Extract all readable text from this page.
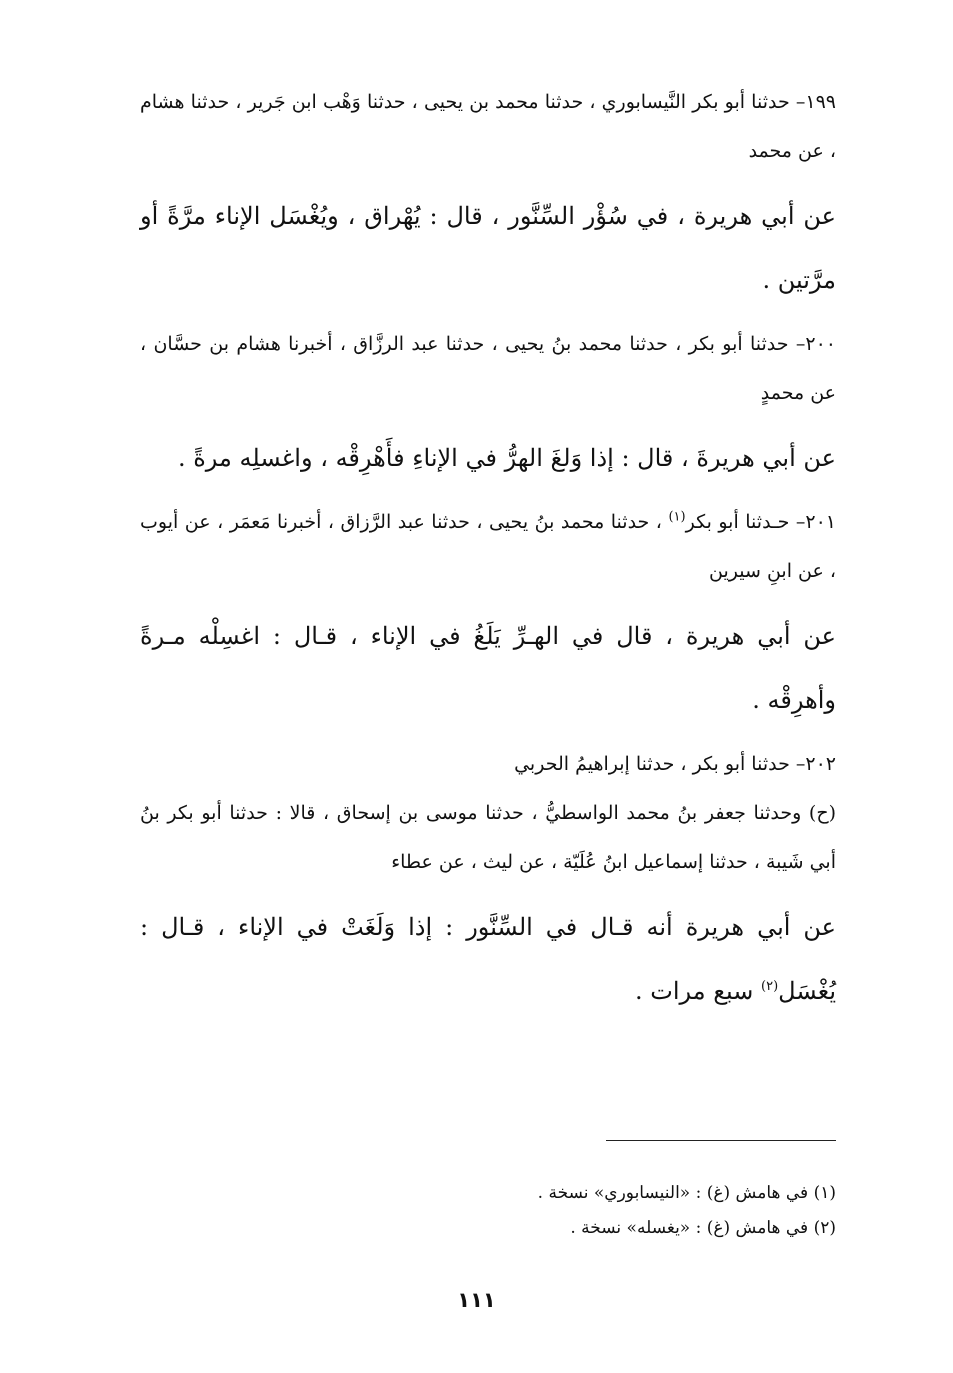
١٩٩– حدثنا أبو بكر النَّيسابوري ، حدثنا محمد بن يحيى ، حدثنا وَهْب ابن جَرير ، حدثنا هشام ، عن محمد

عن أبي هريرة ، في سُؤْر السِّنَّور ، قال : يُهْراق ، ويُغْسَل الإناء مرَّةً أو مرَّتين .

٢٠٠– حدثنا أبو بكر ، حدثنا محمد بنُ يحيى ، حدثنا عبد الرزَّاق ، أخبرنا هشام بن حسَّان ، عن محمدٍ

عن أبي هريرةَ ، قال : إذا وَلغَ الهرُّ في الإناءِ فأَهْرِقْه ، واغسلِه مرةً .

٢٠١– حـدثنا أبو بكر$^{(١)}$ ، حدثنا محمد بنُ يحيى ، حدثنا عبد الرَّزاق ، أخبرنا مَعمَر ، عن أيوب ، عن ابنِ سيرين

عن أبي هريرة ، قال في الهـرِّ يَلَغُ في الإناء ، قـال : اغسِلْه مـرةً وأهرِقْه .

٢٠٢– حدثنا أبو بكر ، حدثنا إبراهيمُ الحربي

(ح) وحدثنا جعفر بنُ محمد الواسطيُّ ، حدثنا موسى بن إسحاق ، قالا : حدثنا أبو بكر بنُ أبي شَيبة ، حدثنا إسماعيل ابنُ عُلَيّة ، عن ليث ، عن عطاء

عن أبي هريرة أنه قـال في السِّنَّور : إذا وَلَغَتْ في الإناء ، قـال : يُغْسَل$^{(٢)}$ سبع مرات .

(١) في هامش (غ) : «النيسابوري» نسخة .

(٢) في هامش (غ) : «يغسله» نسخة .

١١١
